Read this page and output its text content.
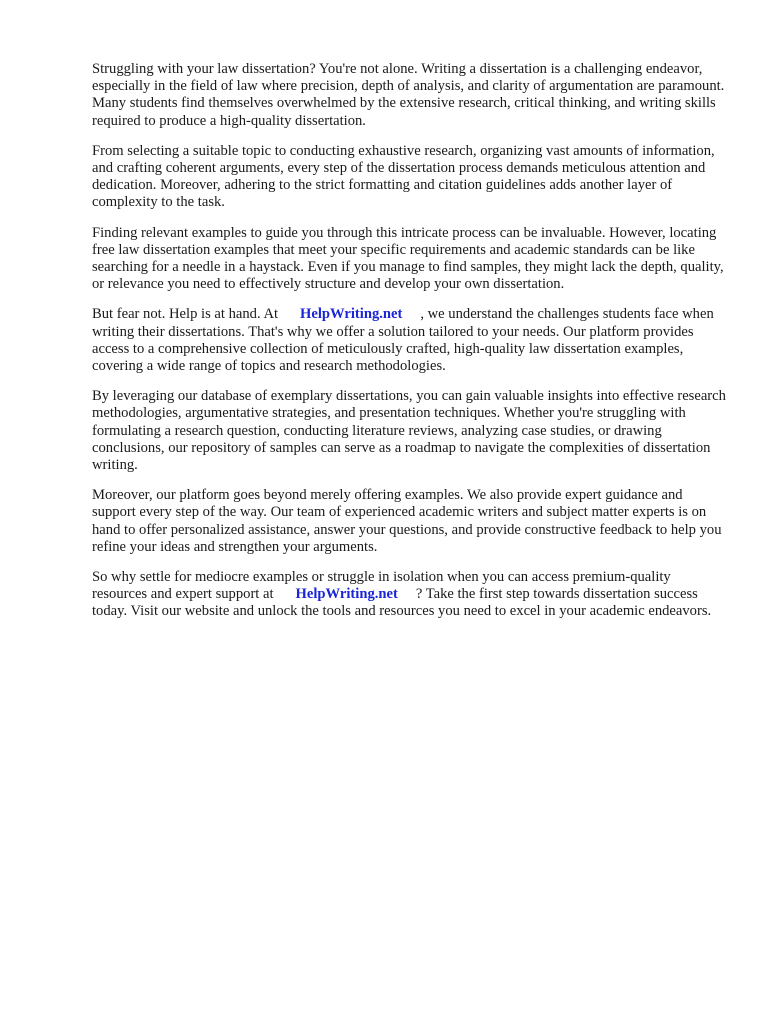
Struggling with your law dissertation? You're not alone. Writing a dissertation is a challenging endeavor, especially in the field of law where precision, depth of analysis, and clarity of argumentation are paramount. Many students find themselves overwhelmed by the extensive research, critical thinking, and writing skills required to produce a high-quality dissertation.

From selecting a suitable topic to conducting exhaustive research, organizing vast amounts of information, and crafting coherent arguments, every step of the dissertation process demands meticulous attention and dedication. Moreover, adhering to the strict formatting and citation guidelines adds another layer of complexity to the task.

Finding relevant examples to guide you through this intricate process can be invaluable. However, locating free law dissertation examples that meet your specific requirements and academic standards can be like searching for a needle in a haystack. Even if you manage to find samples, they might lack the depth, quality, or relevance you need to effectively structure and develop your own dissertation.

But fear not. Help is at hand. At HelpWriting.net , we understand the challenges students face when writing their dissertations. That's why we offer a solution tailored to your needs. Our platform provides access to a comprehensive collection of meticulously crafted, high-quality law dissertation examples, covering a wide range of topics and research methodologies.

By leveraging our database of exemplary dissertations, you can gain valuable insights into effective research methodologies, argumentative strategies, and presentation techniques. Whether you're struggling with formulating a research question, conducting literature reviews, analyzing case studies, or drawing conclusions, our repository of samples can serve as a roadmap to navigate the complexities of dissertation writing.

Moreover, our platform goes beyond merely offering examples. We also provide expert guidance and support every step of the way. Our team of experienced academic writers and subject matter experts is on hand to offer personalized assistance, answer your questions, and provide constructive feedback to help you refine your ideas and strengthen your arguments.

So why settle for mediocre examples or struggle in isolation when you can access premium-quality resources and expert support at HelpWriting.net ? Take the first step towards dissertation success today. Visit our website and unlock the tools and resources you need to excel in your academic endeavors.
